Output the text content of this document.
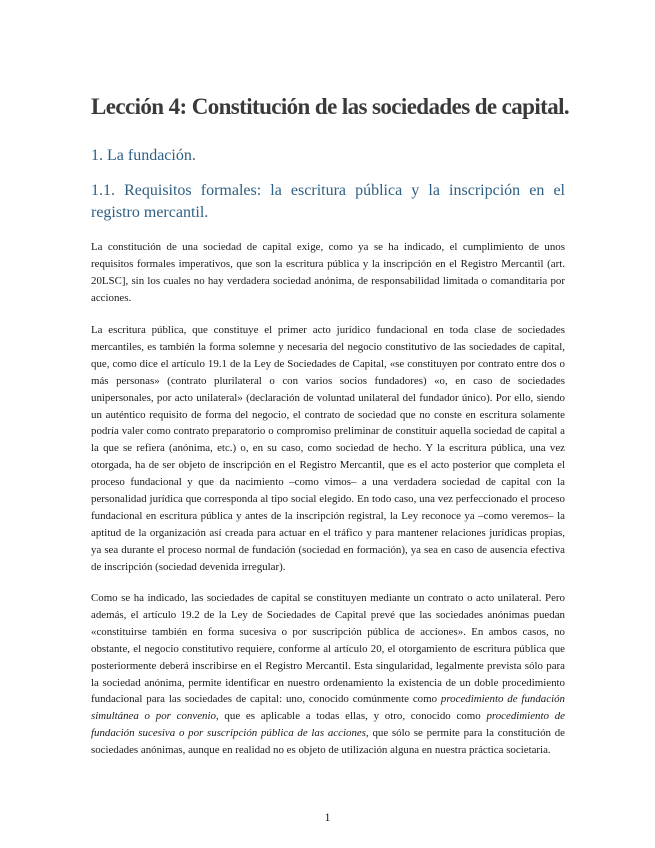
Lección 4: Constitución de las sociedades de capital.
1. La fundación.
1.1. Requisitos formales: la escritura pública y la inscripción en el registro mercantil.

La constitución de una sociedad de capital exige, como ya se ha indicado, el cumplimiento de unos requisitos formales imperativos, que son la escritura pública y la inscripción en el Registro Mercantil (art. 20LSC], sin los cuales no hay verdadera sociedad anónima, de responsabilidad limitada o comanditaria por acciones.

La escritura pública, que constituye el primer acto jurídico fundacional en toda clase de sociedades mercantiles, es también la forma solemne y necesaria del negocio constitutivo de las sociedades de capital, que, como dice el artículo 19.1 de la Ley de Sociedades de Capital, «se constituyen por contrato entre dos o más personas» (contrato plurilateral o con varios socios fundadores) «o, en caso de sociedades unipersonales, por acto unilateral» (declaración de voluntad unilateral del fundador único). Por ello, siendo un auténtico requisito de forma del negocio, el contrato de sociedad que no conste en escritura solamente podría valer como contrato preparatorio o compromiso preliminar de constituir aquella sociedad de capital a la que se refiera (anónima, etc.) o, en su caso, como sociedad de hecho. Y la escritura pública, una vez otorgada, ha de ser objeto de inscripción en el Registro Mercantil, que es el acto posterior que completa el proceso fundacional y que da nacimiento –como vimos– a una verdadera sociedad de capital con la personalidad jurídica que corresponda al tipo social elegido. En todo caso, una vez perfeccionado el proceso fundacional en escritura pública y antes de la inscripción registral, la Ley reconoce ya –como veremos– la aptitud de la organización así creada para actuar en el tráfico y para mantener relaciones jurídicas propias, ya sea durante el proceso normal de fundación (sociedad en formación), ya sea en caso de ausencia efectiva de inscripción (sociedad devenida irregular).

Como se ha indicado, las sociedades de capital se constituyen mediante un contrato o acto unilateral. Pero además, el artículo 19.2 de la Ley de Sociedades de Capital prevé que las sociedades anónimas puedan «constituirse también en forma sucesiva o por suscripción pública de acciones». En ambos casos, no obstante, el negocio constitutivo requiere, conforme al artículo 20, el otorgamiento de escritura pública que posteriormente deberá inscribirse en el Registro Mercantil. Esta singularidad, legalmente prevista sólo para la sociedad anónima, permite identificar en nuestro ordenamiento la existencia de un doble procedimiento fundacional para las sociedades de capital: uno, conocido comúnmente como procedimiento de fundación simultánea o por convenio, que es aplicable a todas ellas, y otro, conocido como procedimiento de fundación sucesiva o por suscripción pública de las acciones, que sólo se permite para la constitución de sociedades anónimas, aunque en realidad no es objeto de utilización alguna en nuestra práctica societaria.

1
